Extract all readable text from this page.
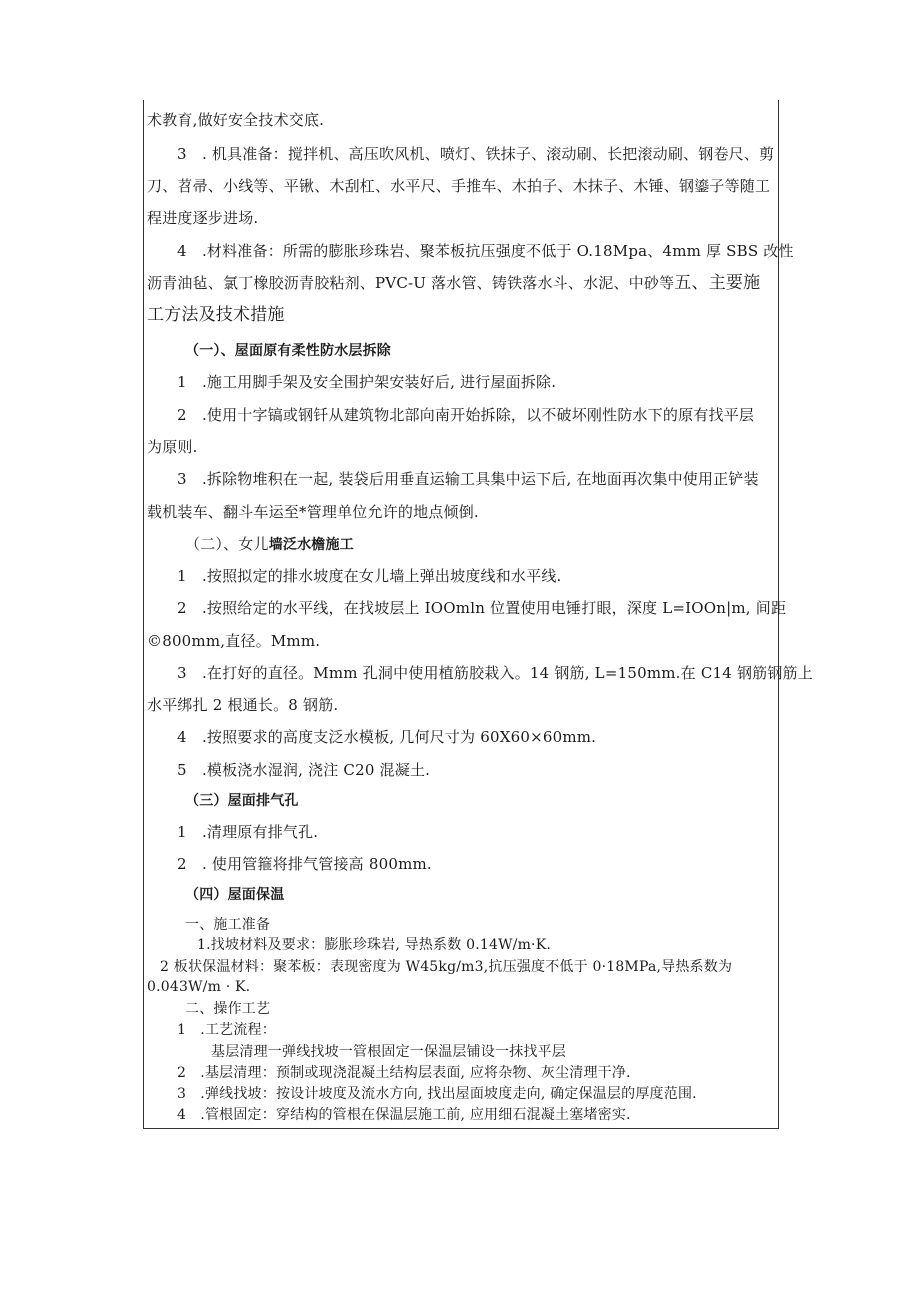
术教育,做好安全技术交底.
3　. 机具准备：搅拌机、高压吹风机、喷灯、铁抹子、滚动刷、长把滚动刷、钢卷尺、剪
刀、苕帚、小线等、平锹、木刮杠、水平尺、手推车、木拍子、木抹子、木锤、钢鎏子等随工
程进度逐步进场.
4　.材料准备：所需的膨胀珍珠岩、聚苯板抗压强度不低于 O.18Mpa、4mm 厚 SBS 改性
沥青油毡、氯丁橡胶沥青胶粘剂、PVC-U 落水管、铸铁落水斗、水泥、中砂等五、主要施
工方法及技术措施
（一）、屋面原有柔性防水层拆除
1　.施工用脚手架及安全围护架安装好后, 进行屋面拆除.
2　.使用十字镐或钢钎从建筑物北部向南开始拆除，以不破坏刚性防水下的原有找平层
为原则.
3　.拆除物堆积在一起, 装袋后用垂直运输工具集中运下后, 在地面再次集中使用正铲装
载机装车、翻斗车运至*管理单位允许的地点倾倒.
（二）、女儿墙泛水檐施工
1　.按照拟定的排水坡度在女儿墙上弹出坡度线和水平线.
2　.按照给定的水平线，在找坡层上 IOOmln 位置使用电锤打眼，深度 L=IOOn|m, 间距
©800mm,直径。Mmm.
3　.在打好的直径。Mmm 孔洞中使用植筋胶栽入。14 钢筋, L=150mm.在 C14 钢筋钢筋上
水平绑扎 2 根通长。8 钢筋.
4　.按照要求的高度支泛水模板, 几何尺寸为 60X60×60mm.
5　.模板浇水湿润, 浇注 C20 混凝土.
（三）屋面排气孔
1　.清理原有排气孔.
2　. 使用管箍将排气管接高 800mm.
（四）屋面保温
一、施工准备
1.找坡材料及要求：膨胀珍珠岩, 导热系数 0.14W/m·K.
2 板状保温材料：聚苯板：表现密度为 W45kg/m3,抗压强度不低于 0·18MPa,导热系数为
0.043W/m · K.
二、操作工艺
1　.工艺流程：
基层清理一弹线找坡一管根固定一保温层铺设一抹找平层
2　.基层清理：预制或现浇混凝土结构层表面, 应将杂物、灰尘清理干净.
3　.弹线找坡：按设计坡度及流水方向, 找出屋面坡度走向, 确定保温层的厚度范围.
4　.管根固定：穿结构的管根在保温层施工前, 应用细石混凝土塞堵密实.
